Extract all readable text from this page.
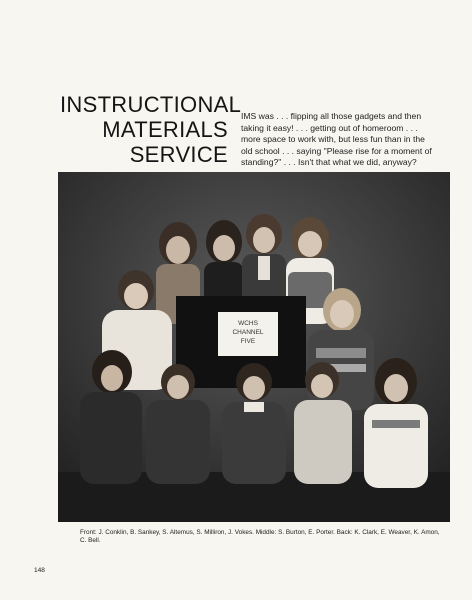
INSTRUCTIONAL
MATERIALS
SERVICE
IMS was . . . flipping all those gadgets and then taking it easy! . . . getting out of homeroom . . . more space to work with, but less fun than in the old school . . . saying "Please rise for a moment of standing?" . . . Isn't that what we did, anyway?
WCHS
CHANNEL
FIVE
Front: J. Conklin, B. Sankey, S. Altemus, S. Milliron, J. Vokes. Middle: S. Burton, E. Porter. Back: K. Clark, E. Weaver, K. Amon, C. Bell.
148
